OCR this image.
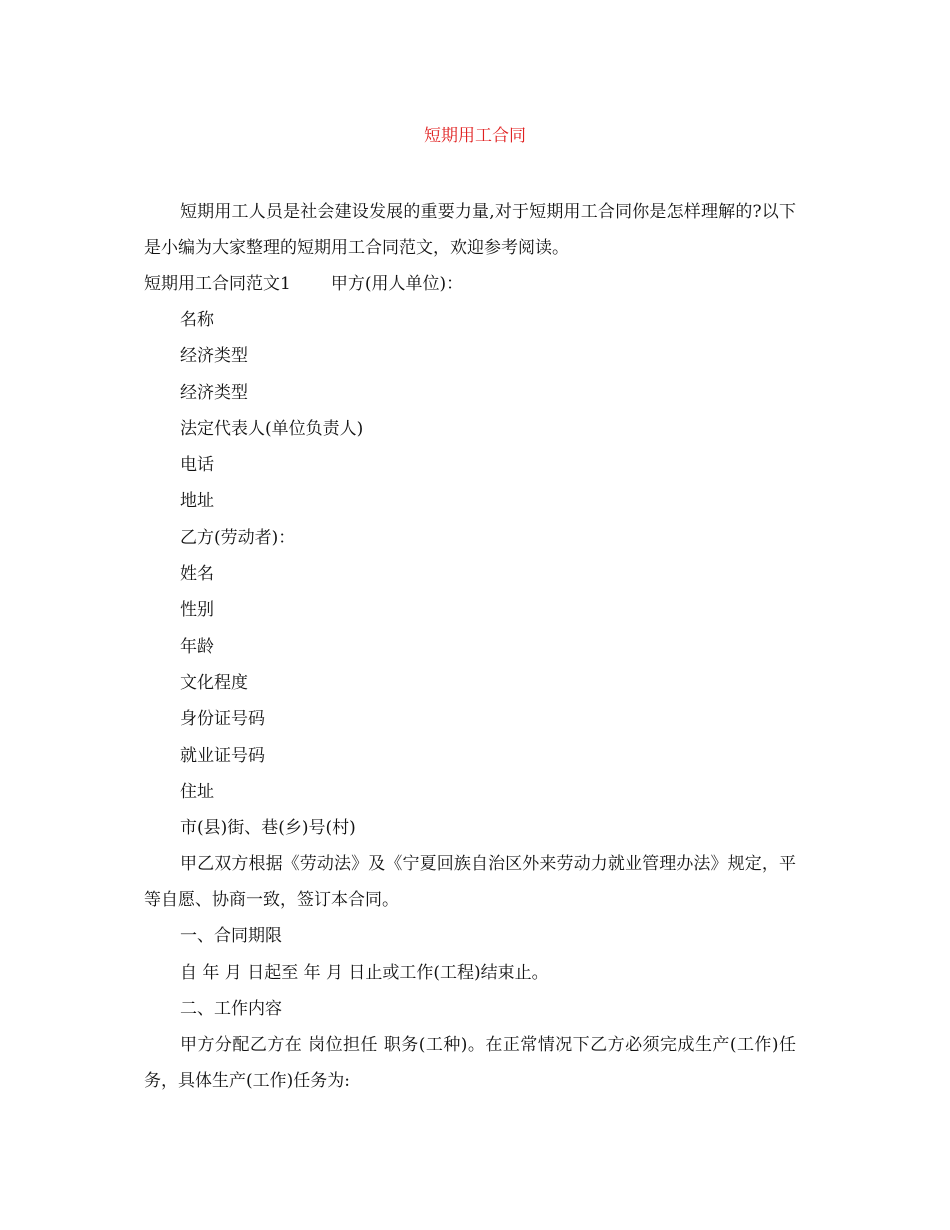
短期用工合同

短期用工人员是社会建设发展的重要力量,对于短期用工合同你是怎样理解的?以下是小编为大家整理的短期用工合同范文，欢迎参考阅读。

短期用工合同范文1 甲方(用人单位)：

名称

经济类型

经济类型

法定代表人(单位负责人)

电话

地址

乙方(劳动者)：

姓名

性别

年龄

文化程度

身份证号码

就业证号码

住址

市(县)街、巷(乡)号(村)

甲乙双方根据《劳动法》及《宁夏回族自治区外来劳动力就业管理办法》规定，平等自愿、协商一致，签订本合同。

一、合同期限

自 年 月 日起至 年 月 日止或工作(工程)结束止。

二、工作内容

甲方分配乙方在 岗位担任 职务(工种)。在正常情况下乙方必须完成生产(工作)任务，具体生产(工作)任务为:
